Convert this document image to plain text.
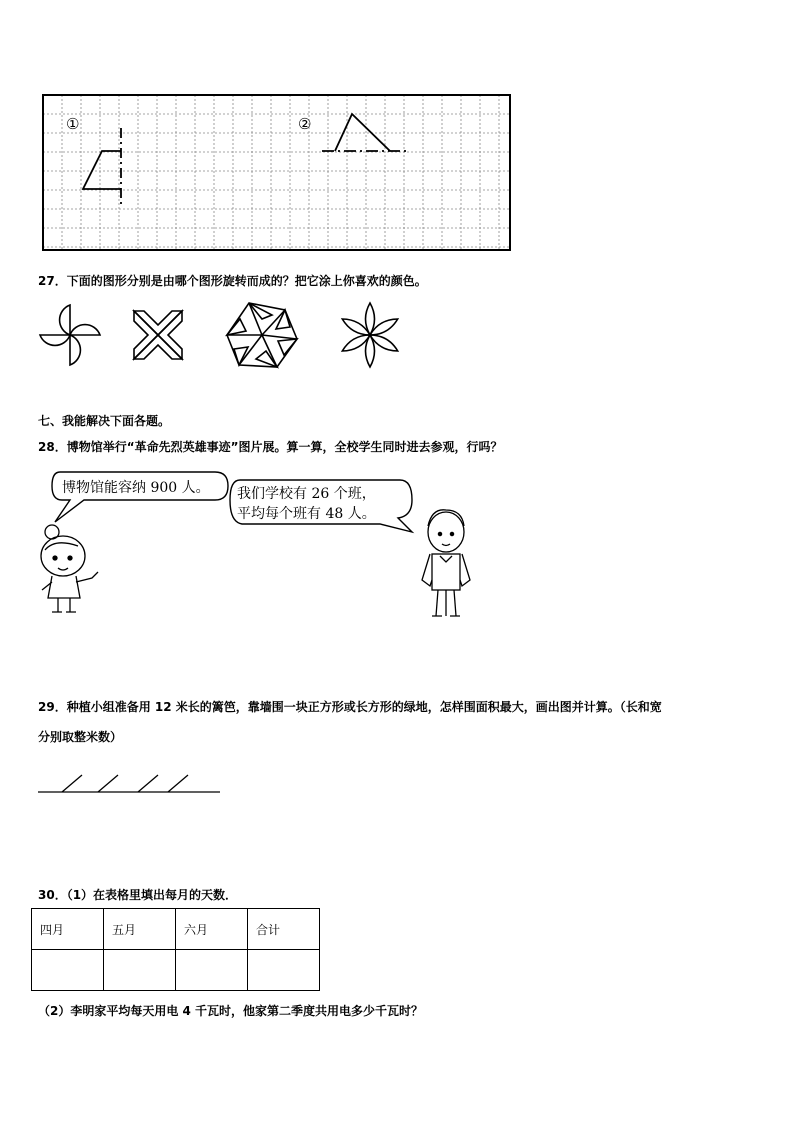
①	②
27．下面的图形分别是由哪个图形旋转而成的？把它涂上你喜欢的颜色。
七、我能解决下面各题。
28．博物馆举行“革命先烈英雄事迹”图片展。算一算，全校学生同时进去参观，行吗？
博物馆能容纳 900 人。 我们学校有 26 个班，
平均每个班有 48 人。
29．种植小组准备用 12 米长的篱笆，靠墙围一块正方形或长方形的绿地，怎样围面积最大，画出图并计算。（长和宽
分别取整米数）
30．（1）在表格里填出每月的天数．
四月	五月	六月	合计

（2）李明家平均每天用电 4 千瓦时，他家第二季度共用电多少千瓦时？
